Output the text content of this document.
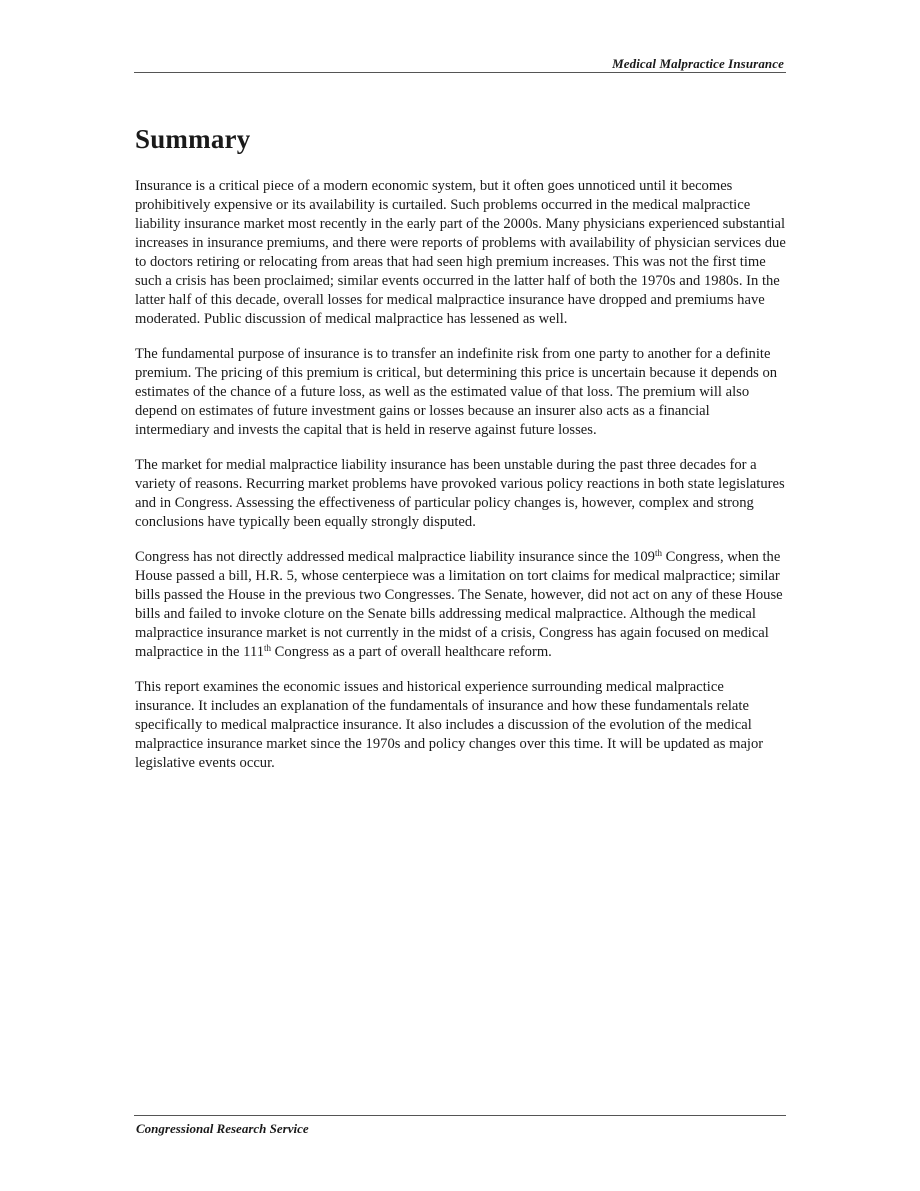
Medical Malpractice Insurance
Summary

Insurance is a critical piece of a modern economic system, but it often goes unnoticed until it becomes prohibitively expensive or its availability is curtailed. Such problems occurred in the medical malpractice liability insurance market most recently in the early part of the 2000s. Many physicians experienced substantial increases in insurance premiums, and there were reports of problems with availability of physician services due to doctors retiring or relocating from areas that had seen high premium increases. This was not the first time such a crisis has been proclaimed; similar events occurred in the latter half of both the 1970s and 1980s. In the latter half of this decade, overall losses for medical malpractice insurance have dropped and premiums have moderated. Public discussion of medical malpractice has lessened as well.

The fundamental purpose of insurance is to transfer an indefinite risk from one party to another for a definite premium. The pricing of this premium is critical, but determining this price is uncertain because it depends on estimates of the chance of a future loss, as well as the estimated value of that loss. The premium will also depend on estimates of future investment gains or losses because an insurer also acts as a financial intermediary and invests the capital that is held in reserve against future losses.

The market for medial malpractice liability insurance has been unstable during the past three decades for a variety of reasons. Recurring market problems have provoked various policy reactions in both state legislatures and in Congress. Assessing the effectiveness of particular policy changes is, however, complex and strong conclusions have typically been equally strongly disputed.

Congress has not directly addressed medical malpractice liability insurance since the 109th Congress, when the House passed a bill, H.R. 5, whose centerpiece was a limitation on tort claims for medical malpractice; similar bills passed the House in the previous two Congresses. The Senate, however, did not act on any of these House bills and failed to invoke cloture on the Senate bills addressing medical malpractice. Although the medical malpractice insurance market is not currently in the midst of a crisis, Congress has again focused on medical malpractice in the 111th Congress as a part of overall healthcare reform.

This report examines the economic issues and historical experience surrounding medical malpractice insurance. It includes an explanation of the fundamentals of insurance and how these fundamentals relate specifically to medical malpractice insurance. It also includes a discussion of the evolution of the medical malpractice insurance market since the 1970s and policy changes over this time. It will be updated as major legislative events occur.

Congressional Research Service
